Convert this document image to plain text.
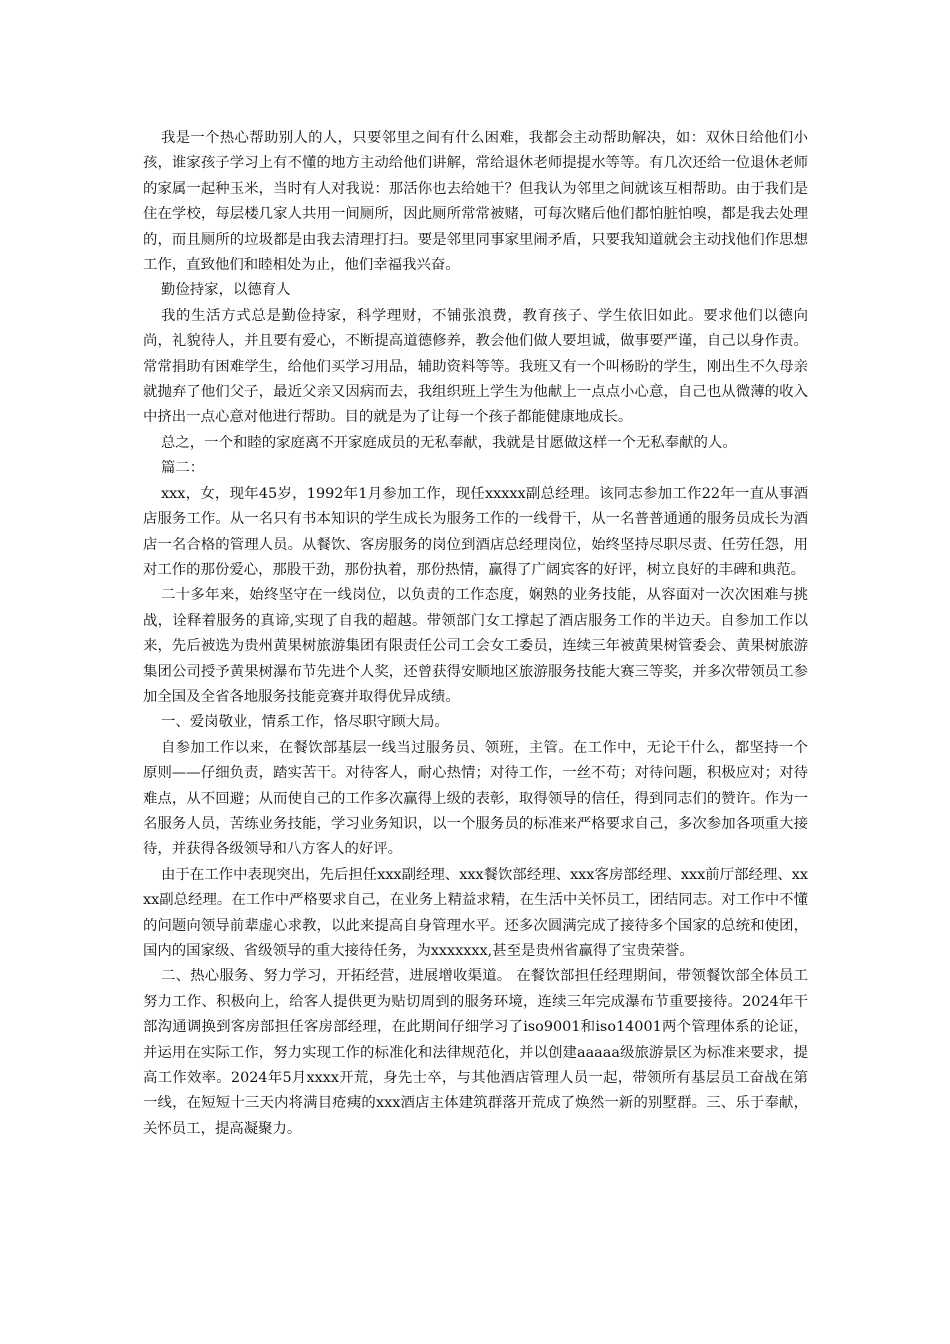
我是一个热心帮助别人的人，只要邻里之间有什么困难，我都会主动帮助解决，如：双休日给他们小孩，谁家孩子学习上有不懂的地方主动给他们讲解，常给退休老师提提水等等。有几次还给一位退休老师的家属一起种玉米，当时有人对我说：那活你也去给她干？但我认为邻里之间就该互相帮助。由于我们是住在学校，每层楼几家人共用一间厕所，因此厕所常常被赌，可每次赌后他们都怕脏怕嗅，都是我去处理的，而且厕所的垃圾都是由我去清理打扫。要是邻里同事家里闹矛盾，只要我知道就会主动找他们作思想工作，直致他们和睦相处为止，他们幸福我兴奋。

勤俭持家，以德育人

我的生活方式总是勤俭持家，科学理财，不铺张浪费，教育孩子、学生依旧如此。要求他们以德向尚，礼貌待人，并且要有爱心，不断提高道德修养，教会他们做人要坦诚，做事要严谨，自己以身作责。常常捐助有困难学生，给他们买学习用品，辅助资料等等。我班又有一个叫杨盼的学生，刚出生不久母亲就抛弃了他们父子，最近父亲又因病而去，我组织班上学生为他献上一点点小心意，自己也从微薄的收入中挤出一点心意对他进行帮助。目的就是为了让每一个孩子都能健康地成长。

总之，一个和睦的家庭离不开家庭成员的无私奉献，我就是甘愿做这样一个无私奉献的人。

篇二：

xxx，女，现年45岁，1992年1月参加工作，现任xxxxx副总经理。该同志参加工作22年一直从事酒店服务工作。从一名只有书本知识的学生成长为服务工作的一线骨干，从一名普普通通的服务员成长为酒店一名合格的管理人员。从餐饮、客房服务的岗位到酒店总经理岗位，始终坚持尽职尽责、任劳任怨，用对工作的那份爱心，那股干劲，那份执着，那份热情，赢得了广阔宾客的好评，树立良好的丰碑和典范。

二十多年来，始终坚守在一线岗位，以负责的工作态度，娴熟的业务技能，从容面对一次次困难与挑战，诠释着服务的真谛,实现了自我的超越。带领部门女工撑起了酒店服务工作的半边天。自参加工作以来，先后被选为贵州黄果树旅游集团有限责任公司工会女工委员，连续三年被黄果树管委会、黄果树旅游集团公司授予黄果树瀑布节先进个人奖，还曾获得安顺地区旅游服务技能大赛三等奖，并多次带领员工参加全国及全省各地服务技能竞赛并取得优异成绩。

一、爱岗敬业，情系工作，恪尽职守顾大局。

自参加工作以来，在餐饮部基层一线当过服务员、领班，主管。在工作中，无论干什么，都坚持一个原则——仔细负责，踏实苦干。对待客人，耐心热情；对待工作，一丝不苟；对待问题，积极应对；对待难点，从不回避；从而使自己的工作多次赢得上级的表彰，取得领导的信任，得到同志们的赞许。作为一名服务人员，苦练业务技能，学习业务知识，以一个服务员的标准来严格要求自己，多次参加各项重大接待，并获得各级领导和八方客人的好评。

由于在工作中表现突出，先后担任xxx副经理、xxx餐饮部经理、xxx客房部经理、xxx前厅部经理、xxxx副总经理。在工作中严格要求自己，在业务上精益求精，在生活中关怀员工，团结同志。对工作中不懂的问题向领导前辈虚心求教，以此来提高自身管理水平。还多次圆满完成了接待多个国家的总统和使团，国内的国家级、省级领导的重大接待任务，为xxxxxxx,甚至是贵州省赢得了宝贵荣誉。

二、热心服务、努力学习，开拓经营，进展增收渠道。 在餐饮部担任经理期间，带领餐饮部全体员工努力工作、积极向上，给客人提供更为贴切周到的服务环境，连续三年完成瀑布节重要接待。2024年干部沟通调换到客房部担任客房部经理，在此期间仔细学习了iso9001和iso14001两个管理体系的论证，并运用在实际工作，努力实现工作的标准化和法律规范化，并以创建aaaaa级旅游景区为标准来要求，提高工作效率。2024年5月xxxx开荒，身先士卒，与其他酒店管理人员一起，带领所有基层员工奋战在第一线，在短短十三天内将满目疮痍的xxx酒店主体建筑群落开荒成了焕然一新的别墅群。三、乐于奉献，关怀员工，提高凝聚力。
